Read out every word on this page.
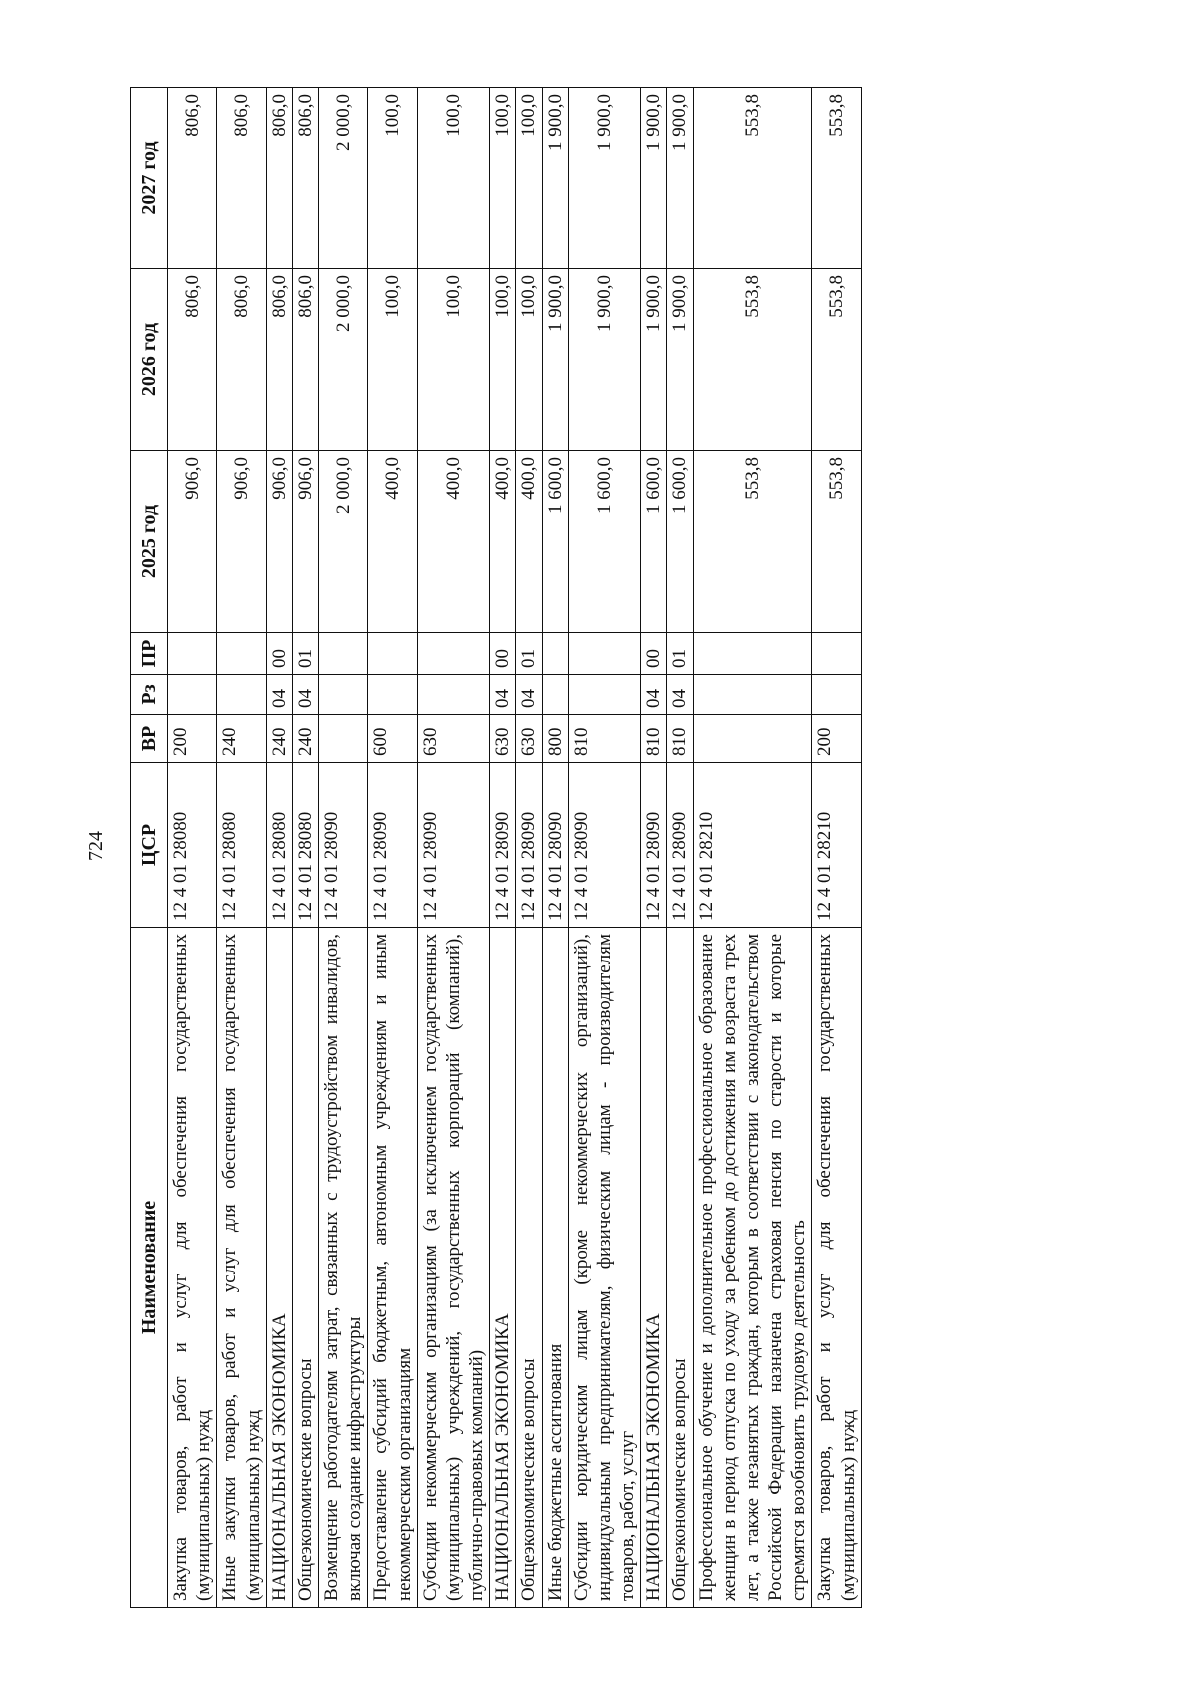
724
Наименование	ЦСР	ВР	Рз	ПР	2025 год	2026 год	2027 год
Закупка товаров, работ и услуг для обеспечения государственных (муниципальных) нужд	12 4 01 28080	200			906,0	806,0	806,0
Иные закупки товаров, работ и услуг для обеспечения государственных (муниципальных) нужд	12 4 01 28080	240			906,0	806,0	806,0
НАЦИОНАЛЬНАЯ ЭКОНОМИКА	12 4 01 28080	240	04	00	906,0	806,0	806,0
Общеэкономические вопросы	12 4 01 28080	240	04	01	906,0	806,0	806,0
Возмещение работодателям затрат, связанных с трудоустройством инвалидов, включая создание инфраструктуры	12 4 01 28090				2 000,0	2 000,0	2 000,0
Предоставление субсидий бюджетным, автономным учреждениям и иным некоммерческим организациям	12 4 01 28090	600			400,0	100,0	100,0
Субсидии некоммерческим организациям (за исключением государственных (муниципальных) учреждений, государственных корпораций (компаний), публично-правовых компаний)	12 4 01 28090	630			400,0	100,0	100,0
НАЦИОНАЛЬНАЯ ЭКОНОМИКА	12 4 01 28090	630	04	00	400,0	100,0	100,0
Общеэкономические вопросы	12 4 01 28090	630	04	01	400,0	100,0	100,0
Иные бюджетные ассигнования	12 4 01 28090	800			1 600,0	1 900,0	1 900,0
Субсидии юридическим лицам (кроме некоммерческих организаций), индивидуальным предпринимателям, физическим лицам - производителям товаров, работ, услуг	12 4 01 28090	810			1 600,0	1 900,0	1 900,0
НАЦИОНАЛЬНАЯ ЭКОНОМИКА	12 4 01 28090	810	04	00	1 600,0	1 900,0	1 900,0
Общеэкономические вопросы	12 4 01 28090	810	04	01	1 600,0	1 900,0	1 900,0
Профессиональное обучение и дополнительное профессиональное образование женщин в период отпуска по уходу за ребенком до достижения им возраста трех лет, а также незанятых граждан, которым в соответствии с законодательством Российской Федерации назначена страховая пенсия по старости и которые стремятся возобновить трудовую деятельность	12 4 01 28210				553,8	553,8	553,8
Закупка товаров, работ и услуг для обеспечения государственных (муниципальных) нужд	12 4 01 28210	200			553,8	553,8	553,8
